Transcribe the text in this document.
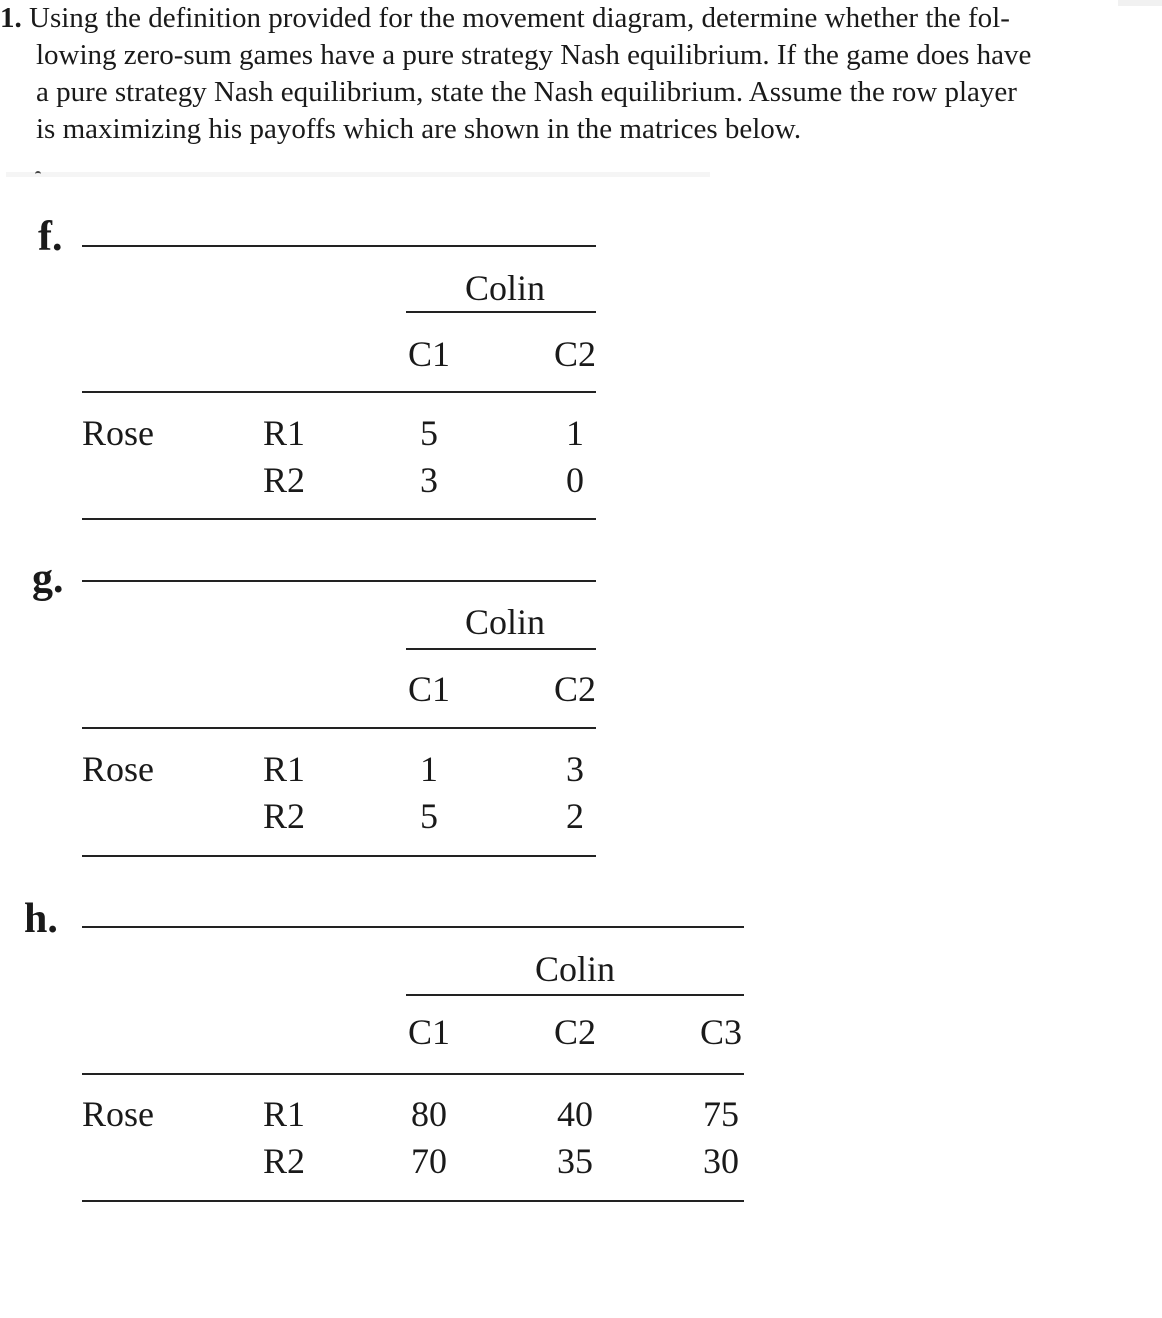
1. Using the definition provided for the movement diagram, determine whether the fol-
lowing zero-sum games have a pure strategy Nash equilibrium. If the game does have
a pure strategy Nash equilibrium, state the Nash equilibrium. Assume the row player
is maximizing his payoffs which are shown in the matrices below.
f.
Colin
C1	C2
Rose	R1	5	1
R2	3	0
g.
Colin
C1	C2
Rose	R1	1	3
R2	5	2
h.
Colin
C1	C2	C3
Rose	R1	80	40	75
R2	70	35	30
